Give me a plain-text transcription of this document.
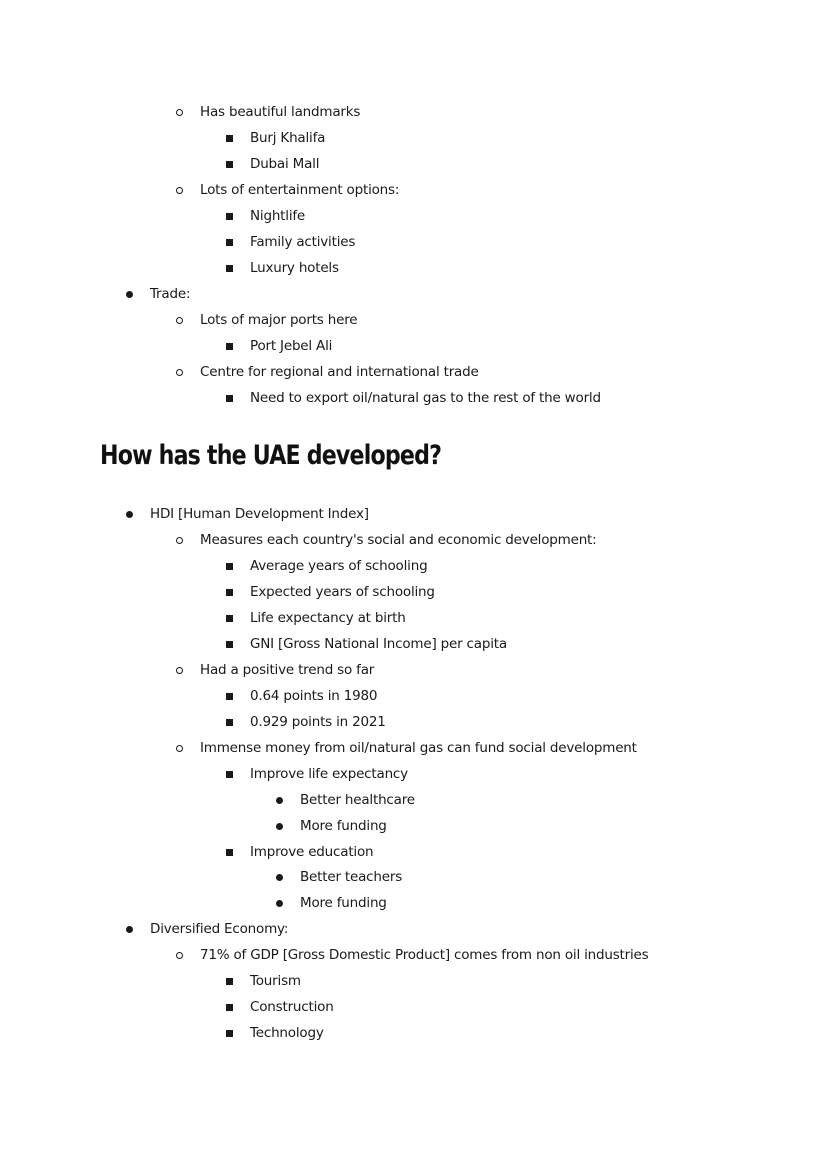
Has beautiful landmarks
Burj Khalifa
Dubai Mall
Lots of entertainment options:
Nightlife
Family activities
Luxury hotels
Trade:
Lots of major ports here
Port Jebel Ali
Centre for regional and international trade
Need to export oil/natural gas to the rest of the world
How has the UAE developed?
HDI [Human Development Index]
Measures each country's social and economic development:
Average years of schooling
Expected years of schooling
Life expectancy at birth
GNI [Gross National Income] per capita
Had a positive trend so far
0.64 points in 1980
0.929 points in 2021
Immense money from oil/natural gas can fund social development
Improve life expectancy
Better healthcare
More funding
Improve education
Better teachers
More funding
Diversified Economy:
71% of GDP [Gross Domestic Product] comes from non oil industries
Tourism
Construction
Technology
